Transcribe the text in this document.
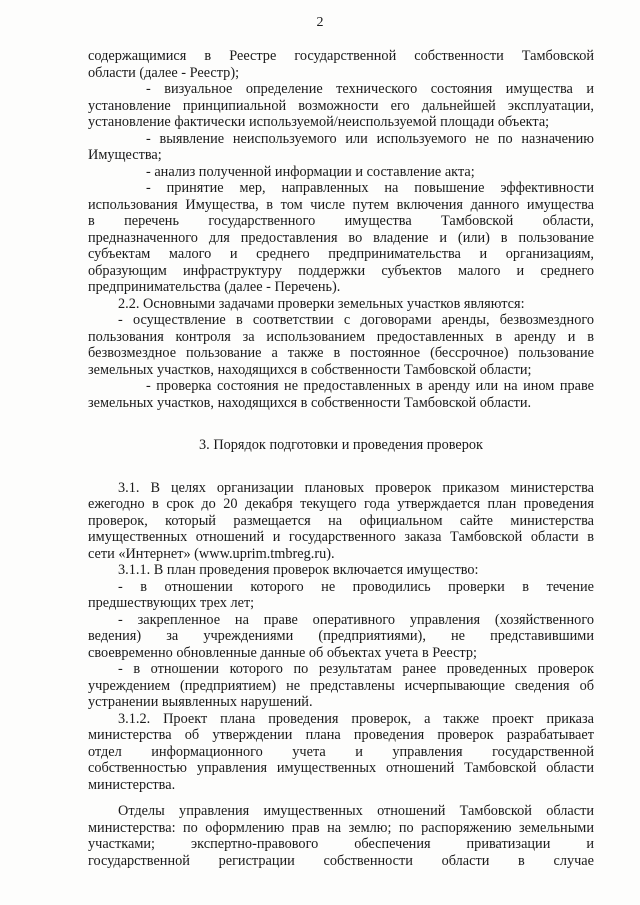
2
содержащимися в Реестре государственной собственности Тамбовской
области (далее - Реестр);
- визуальное определение технического состояния имущества и
установление принципиальной возможности его дальнейшей эксплуатации,
установление фактически используемой/неиспользуемой площади объекта;
- выявление неиспользуемого или используемого не по назначению
Имущества;
- анализ полученной информации и составление акта;
- принятие мер, направленных на повышение эффективности
использования Имущества, в том числе путем включения данного имущества
в перечень государственного имущества Тамбовской области,
предназначенного для предоставления во владение и (или) в пользование
субъектам малого и среднего предпринимательства и организациям,
образующим инфраструктуру поддержки субъектов малого и среднего
предпринимательства (далее - Перечень).
2.2. Основными задачами проверки земельных участков являются:
- осуществление в соответствии с договорами аренды, безвозмездного
пользования контроля за использованием предоставленных в аренду и в
безвозмездное пользование а также в постоянное (бессрочное) пользование
земельных участков, находящихся в собственности Тамбовской области;
- проверка состояния не предоставленных в аренду или на ином праве
земельных участков, находящихся в собственности Тамбовской области.
3. Порядок подготовки и проведения проверок
3.1. В целях организации плановых проверок приказом министерства
ежегодно в срок до 20 декабря текущего года утверждается план проведения
проверок, который размещается на официальном сайте министерства
имущественных отношений и государственного заказа Тамбовской области в
сети «Интернет» (www.uprim.tmbreg.ru).
3.1.1. В план проведения проверок включается имущество:
- в отношении которого не проводились проверки в течение
предшествующих трех лет;
- закрепленное на праве оперативного управления (хозяйственного
ведения) за учреждениями (предприятиями), не представившими
своевременно обновленные данные об объектах учета в Реестр;
- в отношении которого по результатам ранее проведенных проверок
учреждением (предприятием) не представлены исчерпывающие сведения об
устранении выявленных нарушений.
3.1.2. Проект плана проведения проверок, а также проект приказа
министерства об утверждении плана проведения проверок разрабатывает
отдел информационного учета и управления государственной
собственностью управления имущественных отношений Тамбовской области
министерства.
Отделы управления имущественных отношений Тамбовской области
министерства: по оформлению прав на землю; по распоряжению земельными
участками; экспертно-правового обеспечения приватизации и
государственной регистрации собственности области в случае
